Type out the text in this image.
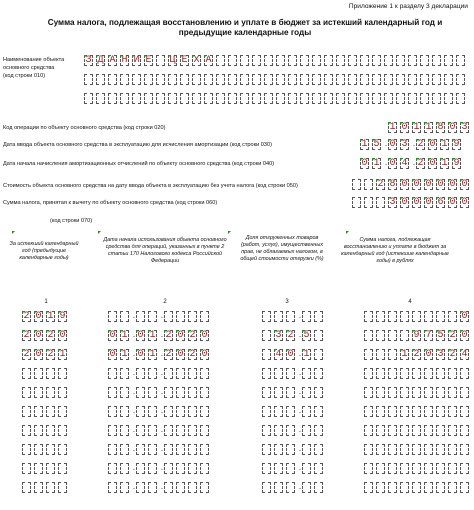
Приложение 1 к разделу 3 декларации
Сумма налога, подлежащая восстановлению и уплате в бюджет за истекший календарный год и предыдущие календарные годы
Наименование объекта
основного средства
(код строки 010)
З Д А Н И Е Ц Е Х А
Код операции по объекту основного средства (код строки 020)	1 0 1 1 8 0 3
Дата ввода объекта основного средства в эксплуатацию для исчисления амортизации (код строки 030)	1 5 . 0 3 . 2 0 1 9
Дата начала начисления амортизационных отчислений по объекту основного средства (код строки 040)	0 1 . 0 4 . 2 0 1 9
Стоимость объекта основного средства на дату ввода объекта в эксплуатацию без учета налога (код строки 050)	2 8 0 0 0 0 0 0
Сумма налога, принятая к вычету по объекту основного средства (код строки 060)	3 0 0 0 6 0 0
(код строки 070)
За истекший календарный год (предыдущие календарные годы)
Дата начала использования объекта основного средства для операций, указанных в пункте 2 статьи 170 Налогового кодекса Российской Федерации
Доля отгруженных товаров (работ, услуг), имущественных прав, не облагаемых налогом, в общей стоимости отгрузки (%)
Сумма налога, подлежащая восстановлению и уплате в бюджет за календарный год (истекшие календарные годы) в рублях
1	2	3	4
2 0 1 9	.	.	.	0
2 0 2 0	0 1 . 0 1 . 2 0 2 0	3 2 . 5	9 7 5 2 0
2 0 2 1	0 1 . 0 1 . 2 0 2 0	4 0 . 1	1 2 0 3 2 4
.	.	.
.	.	.
.	.	.
.	.	.
.	.	.
.	.	.
.	.	.
